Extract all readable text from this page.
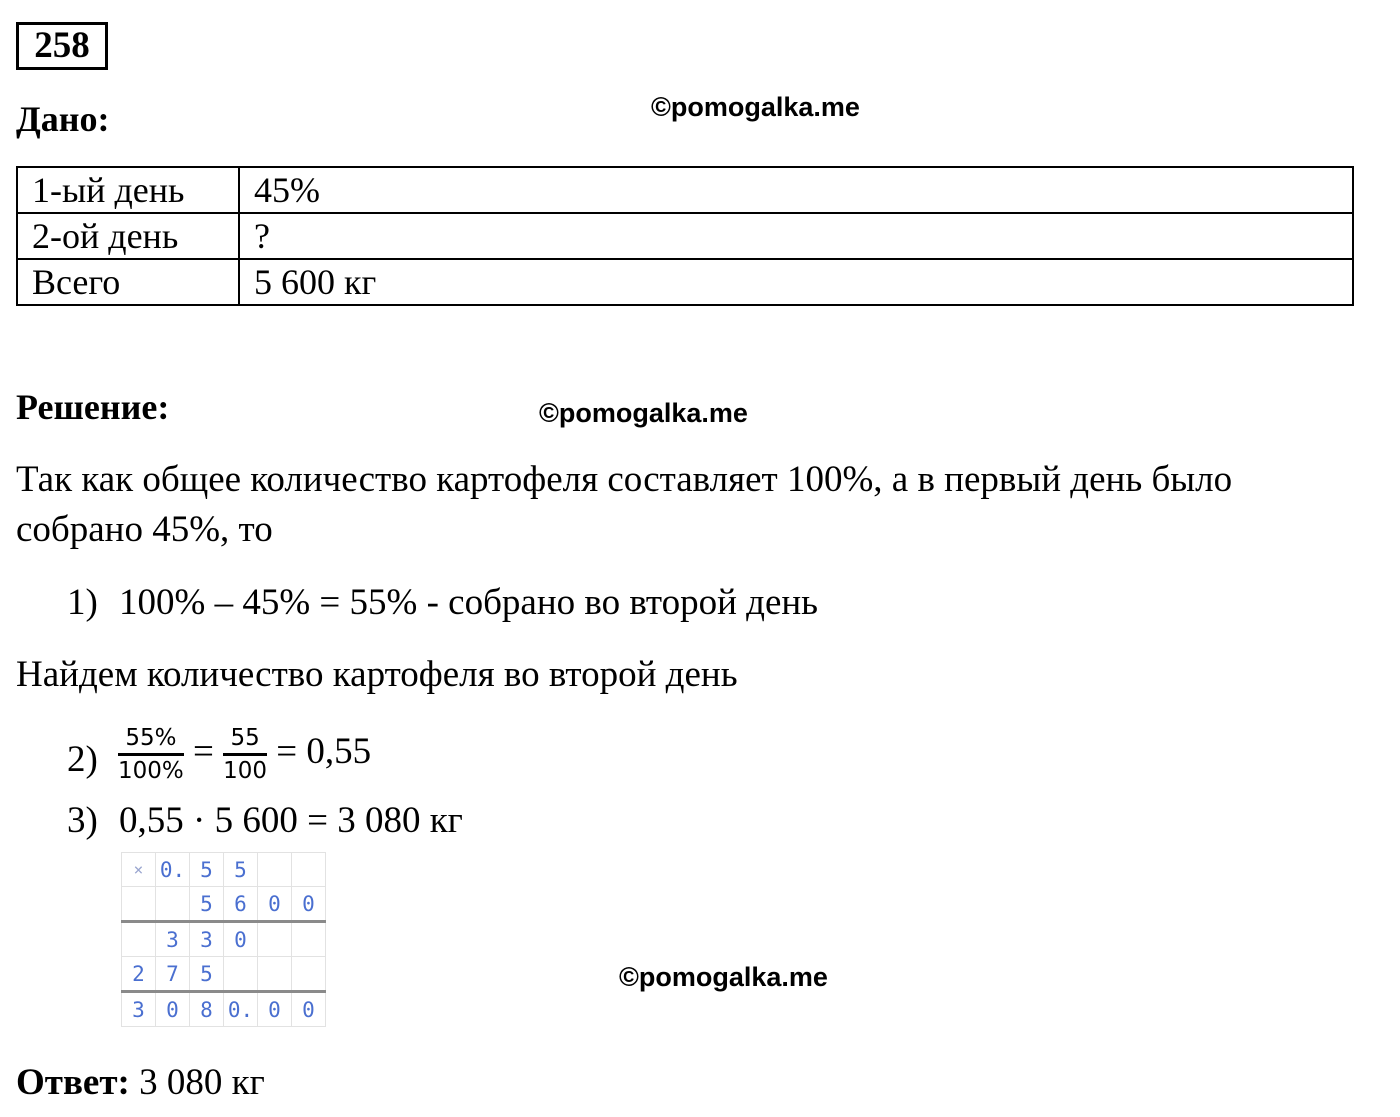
258
Дано:	©pomogalka.me
1-ый день	45%
2-ой день	?
Всего	5 600 кг
Решение:	©pomogalka.me
Так как общее количество картофеля составляет 100%, а в первый день было
собрано 45%, то
1) 100% – 45% = 55% - собрано во второй день
Найдем количество картофеля во второй день
$2) \frac{55\%}{100\%} = \frac{55}{100} = 0,55$
3) 0,55 · 5 600 = 3 080 кг
×	0.	5	5		
		5	6	0	0
	3	3	0		
2	7	5			
3	0	8	0.	0	0
©pomogalka.me
Ответ: 3 080 кг
